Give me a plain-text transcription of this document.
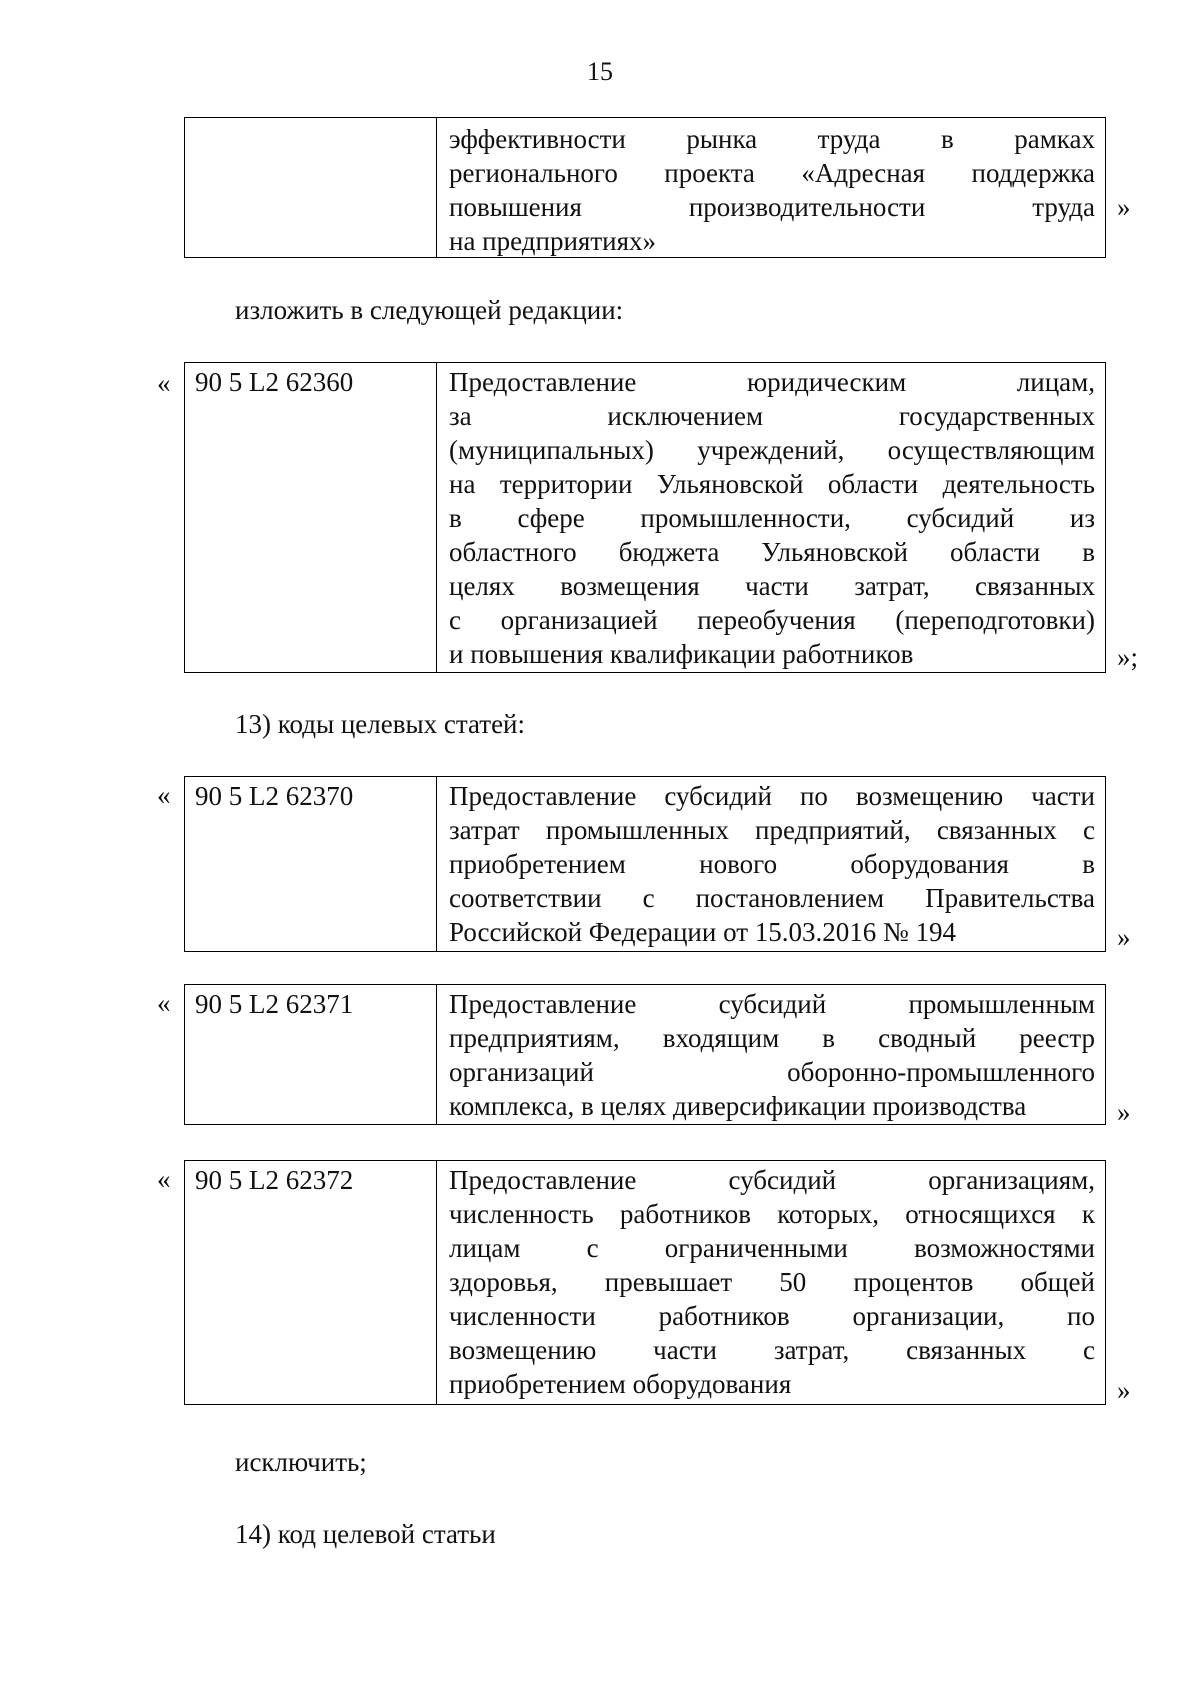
15
эффективности рынка труда в рамках
регионального проекта «Адресная поддержка
повышения производительности труда
на предприятиях»
»

изложить в следующей редакции:

« 90 5 L2 62360	Предоставление юридическим лицам,
за исключением государственных
(муниципальных) учреждений, осуществляющим
на территории Ульяновской области деятельность
в сфере промышленности, субсидий из
областного бюджета Ульяновской области в
целях возмещения части затрат, связанных
с организацией переобучения (переподготовки)
и повышения квалификации работников	»;

13) коды целевых статей:

« 90 5 L2 62370	Предоставление субсидий по возмещению части
затрат промышленных предприятий, связанных с
приобретением нового оборудования в
соответствии с постановлением Правительства
Российской Федерации от 15.03.2016 № 194	»
« 90 5 L2 62371	Предоставление субсидий промышленным
предприятиям, входящим в сводный реестр
организаций оборонно-промышленного
комплекса, в целях диверсификации производства	»
« 90 5 L2 62372	Предоставление субсидий организациям,
численность работников которых, относящихся к
лицам с ограниченными возможностями
здоровья, превышает 50 процентов общей
численности работников организации, по
возмещению части затрат, связанных с
приобретением оборудования	»

исключить;

14) код целевой статьи
